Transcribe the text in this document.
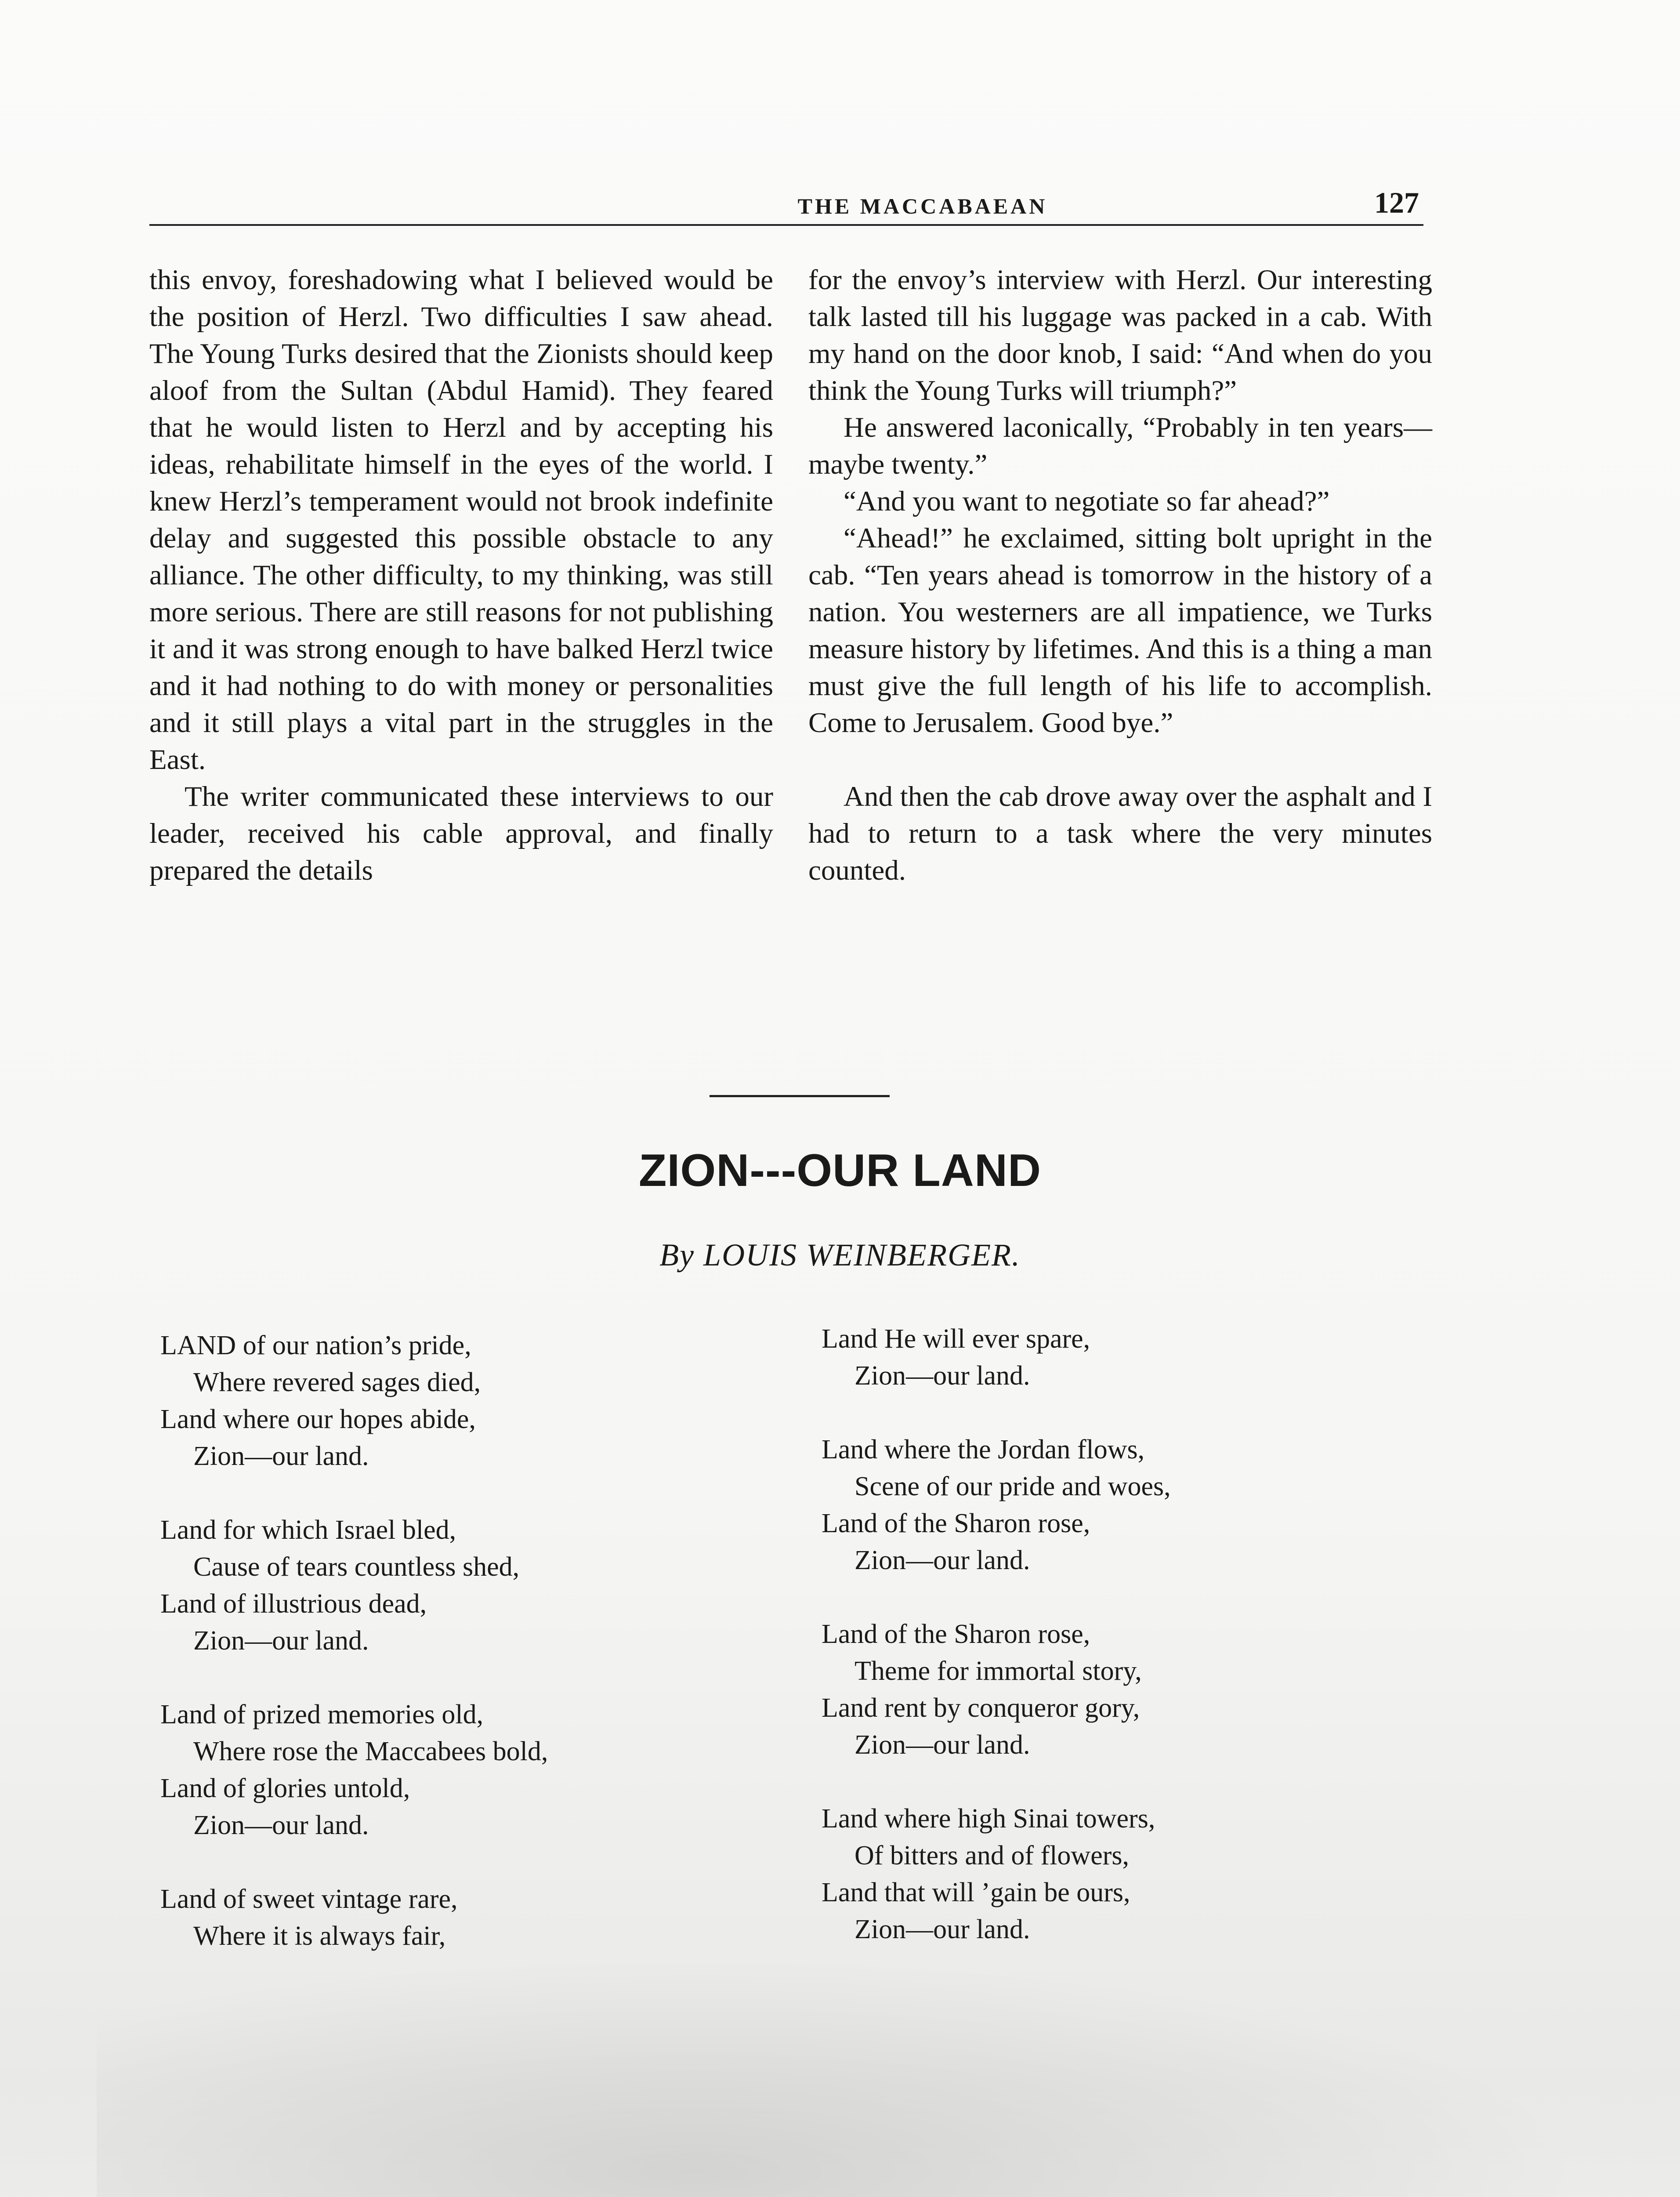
THE MACCABAEAN	127

this envoy, foreshadowing what I believed would be the position of Herzl. Two difficulties I saw ahead. The Young Turks desired that the Zionists should keep aloof from the Sultan (Abdul Hamid). They feared that he would listen to Herzl and by accepting his ideas, rehabilitate himself in the eyes of the world. I knew Herzl’s temperament would not brook indefinite delay and suggested this possible obstacle to any alliance. The other difficulty, to my thinking, was still more serious. There are still reasons for not publishing it and it was strong enough to have balked Herzl twice and it had nothing to do with money or personalities and it still plays a vital part in the struggles in the East.

The writer communicated these interviews to our leader, received his cable approval, and finally prepared the details

for the envoy’s interview with Herzl. Our interesting talk lasted till his luggage was packed in a cab. With my hand on the door knob, I said: “And when do you think the Young Turks will triumph?”

He answered laconically, “Probably in ten years—maybe twenty.”

“And you want to negotiate so far ahead?”

“Ahead!” he exclaimed, sitting bolt upright in the cab. “Ten years ahead is tomorrow in the history of a nation. You westerners are all impatience, we Turks measure history by lifetimes. And this is a thing a man must give the full length of his life to accomplish. Come to Jerusalem. Good bye.”

And then the cab drove away over the asphalt and I had to return to a task where the very minutes counted.

ZION---OUR LAND
By LOUIS WEINBERGER.
LAND of our nation’s pride,
Where revered sages died,
Land where our hopes abide,
Zion—our land.
Land for which Israel bled,
Cause of tears countless shed,
Land of illustrious dead,
Zion—our land.
Land of prized memories old,
Where rose the Maccabees bold,
Land of glories untold,
Zion—our land.
Land of sweet vintage rare,
Where it is always fair,
Land He will ever spare,
Zion—our land.
Land where the Jordan flows,
Scene of our pride and woes,
Land of the Sharon rose,
Zion—our land.
Land of the Sharon rose,
Theme for immortal story,
Land rent by conqueror gory,
Zion—our land.
Land where high Sinai towers,
Of bitters and of flowers,
Land that will ’gain be ours,
Zion—our land.
